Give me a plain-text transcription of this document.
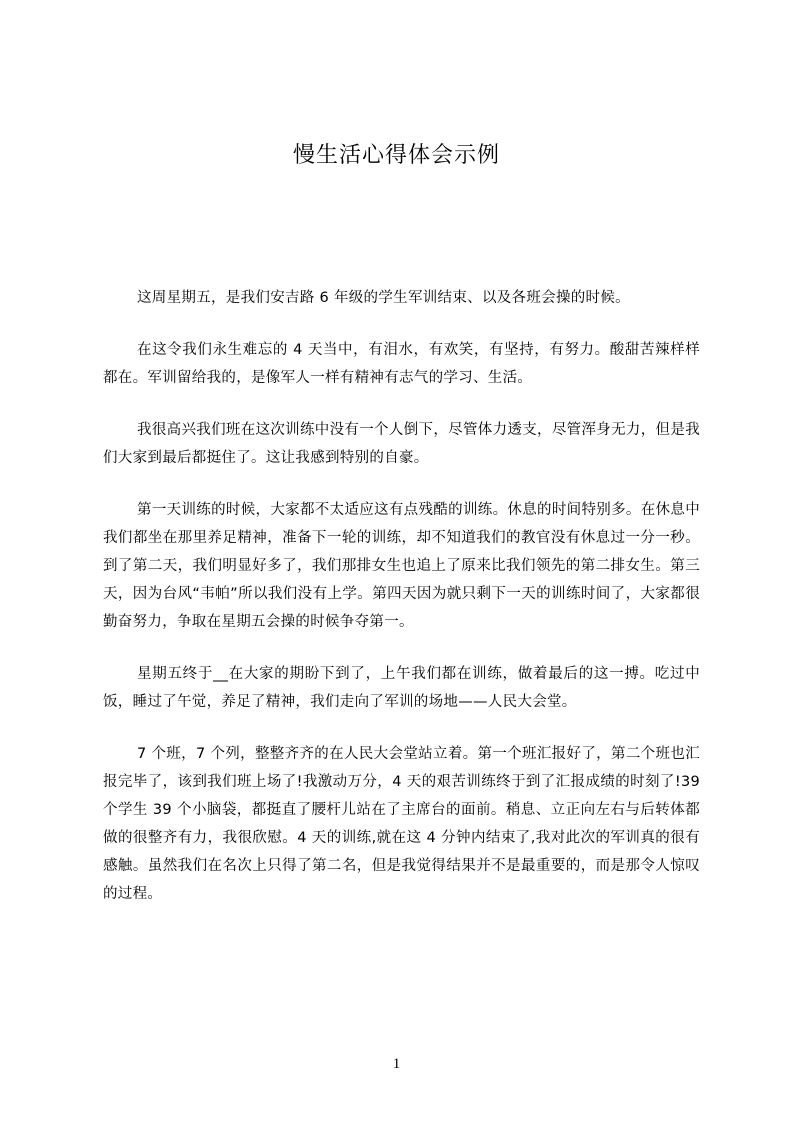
慢生活心得体会示例

这周星期五，是我们安吉路 6 年级的学生军训结束、以及各班会操的时候。

在这令我们永生难忘的 4 天当中，有泪水，有欢笑，有坚持，有努力。酸甜苦辣样样都在。军训留给我的，是像军人一样有精神有志气的学习、生活。

我很高兴我们班在这次训练中没有一个人倒下，尽管体力透支，尽管浑身无力，但是我们大家到最后都挺住了。这让我感到特别的自豪。

第一天训练的时候，大家都不太适应这有点残酷的训练。休息的时间特别多。在休息中我们都坐在那里养足精神，准备下一轮的训练，却不知道我们的教官没有休息过一分一秒。到了第二天，我们明显好多了，我们那排女生也追上了原来比我们领先的第二排女生。第三天，因为台风“韦帕”所以我们没有上学。第四天因为就只剩下一天的训练时间了，大家都很勤奋努力，争取在星期五会操的时候争夺第一。

星期五终于__在大家的期盼下到了，上午我们都在训练，做着最后的这一搏。吃过中饭，睡过了午觉，养足了精神，我们走向了军训的场地——人民大会堂。

7 个班，7 个列，整整齐齐的在人民大会堂站立着。第一个班汇报好了，第二个班也汇报完毕了，该到我们班上场了!我激动万分，4 天的艰苦训练终于到了汇报成绩的时刻了!39 个学生 39 个小脑袋，都挺直了腰杆儿站在了主席台的面前。稍息、立正向左右与后转体都做的很整齐有力，我很欣慰。4 天的训练,就在这 4 分钟内结束了,我对此次的军训真的很有感触。虽然我们在名次上只得了第二名，但是我觉得结果并不是最重要的，而是那令人惊叹的过程。

1
